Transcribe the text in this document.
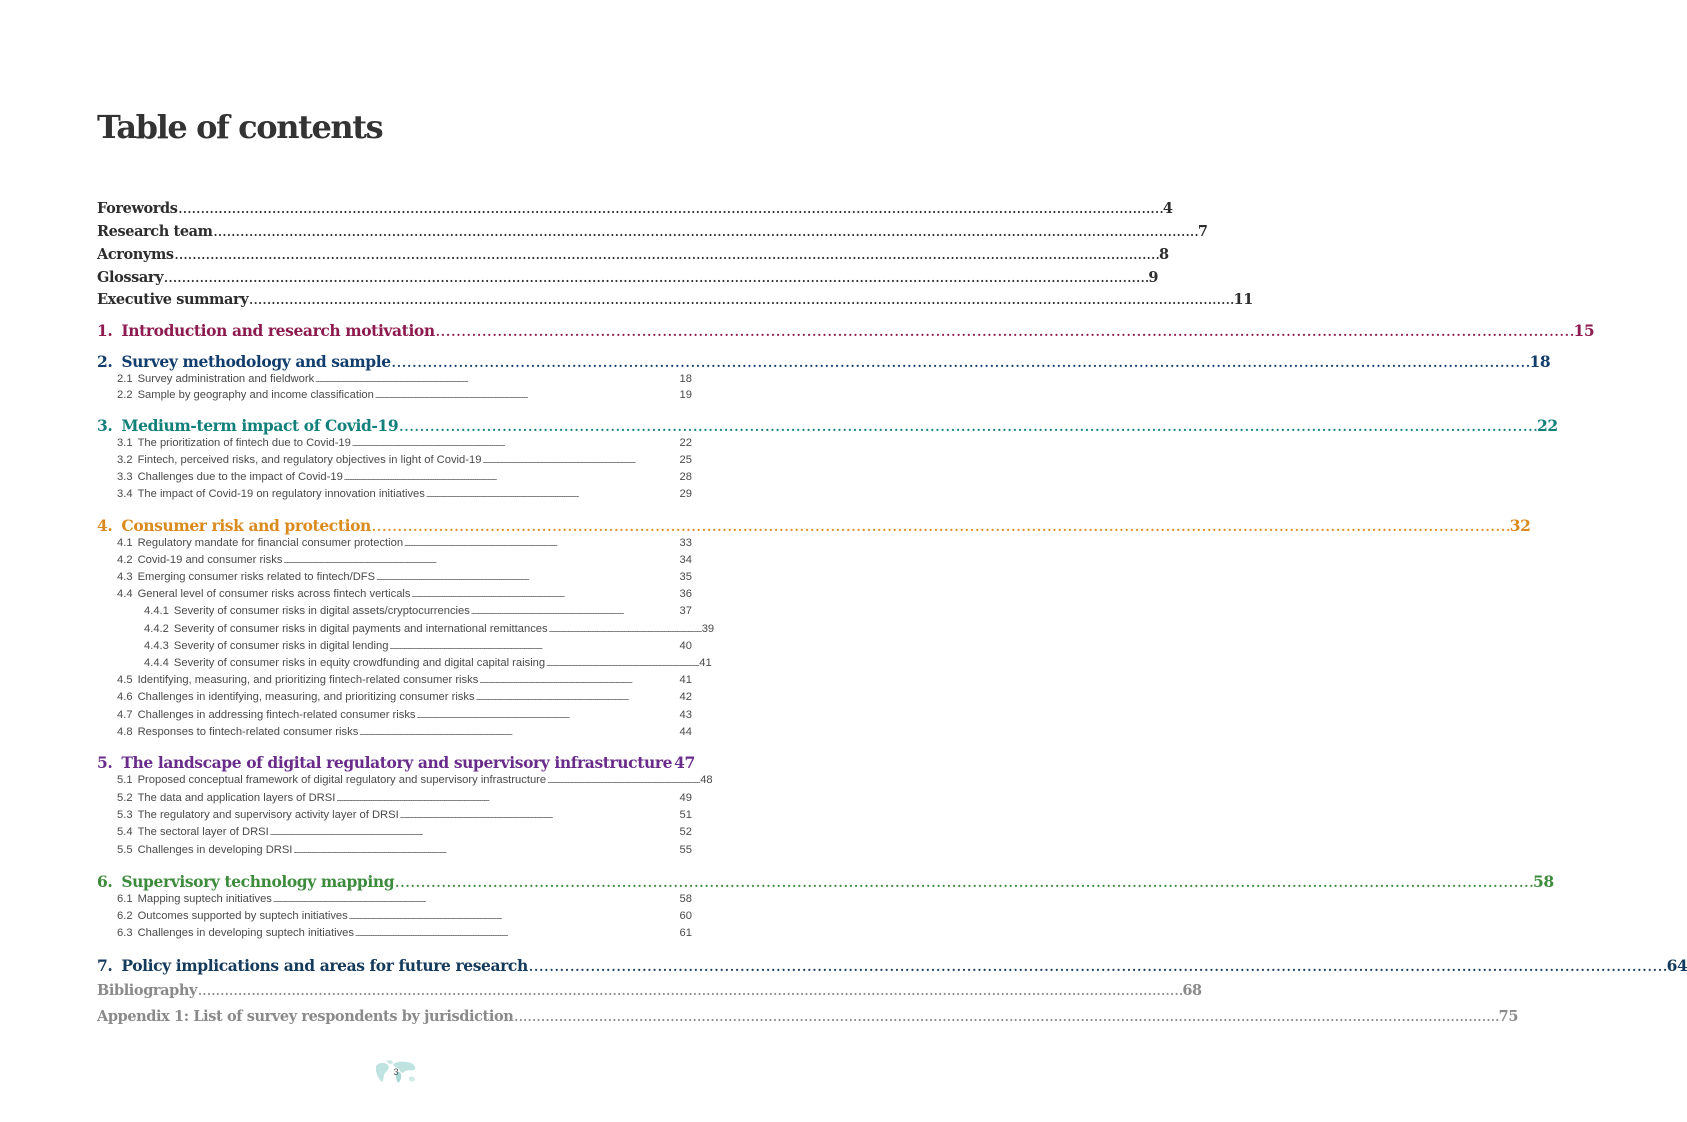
Table of contents
Forewords . . .	4
Research team . . .	7
Acronyms . . .	8
Glossary . . .	9
Executive summary . . .	11
1. Introduction and research motivation . . .	15
2. Survey methodology and sample . . .	18
2.1 Survey administration and fieldwork . . .	18
2.2 Sample by geography and income classification . . .	19
3. Medium-term impact of Covid-19 . . .	22
3.1 The prioritization of fintech due to Covid-19 . . .	22
3.2 Fintech, perceived risks, and regulatory objectives in light of Covid-19 . . .	25
3.3 Challenges due to the impact of Covid-19 . . .	28
3.4 The impact of Covid-19 on regulatory innovation initiatives . . .	29
4. Consumer risk and protection . . .	32
4.1 Regulatory mandate for financial consumer protection . . .	33
4.2 Covid-19 and consumer risks . . .	34
4.3 Emerging consumer risks related to fintech/DFS . . .	35
4.4 General level of consumer risks across fintech verticals . . .	36
4.4.1 Severity of consumer risks in digital assets/cryptocurrencies . . .	37
4.4.2 Severity of consumer risks in digital payments and international remittances . . .	39
4.4.3 Severity of consumer risks in digital lending . . .	40
4.4.4 Severity of consumer risks in equity crowdfunding and digital capital raising . . .	41
4.5 Identifying, measuring, and prioritizing fintech-related consumer risks . . .	41
4.6 Challenges in identifying, measuring, and prioritizing consumer risks . . .	42
4.7 Challenges in addressing fintech-related consumer risks . . .	43
4.8 Responses to fintech-related consumer risks . . .	44
5. The landscape of digital regulatory and supervisory infrastructure 47
5.1 Proposed conceptual framework of digital regulatory and supervisory infrastructure . . .	48
5.2 The data and application layers of DRSI . . .	49
5.3 The regulatory and supervisory activity layer of DRSI . . .	51
5.4 The sectoral layer of DRSI . . .	52
5.5 Challenges in developing DRSI . . .	55
6. Supervisory technology mapping . . .	58
6.1 Mapping suptech initiatives . . .	58
6.2 Outcomes supported by suptech initiatives . . .	60
6.3 Challenges in developing suptech initiatives . . .	61
7. Policy implications and areas for future research . . .	64
Bibliography . . .	68
Appendix 1: List of survey respondents by jurisdiction . . .	75
3
